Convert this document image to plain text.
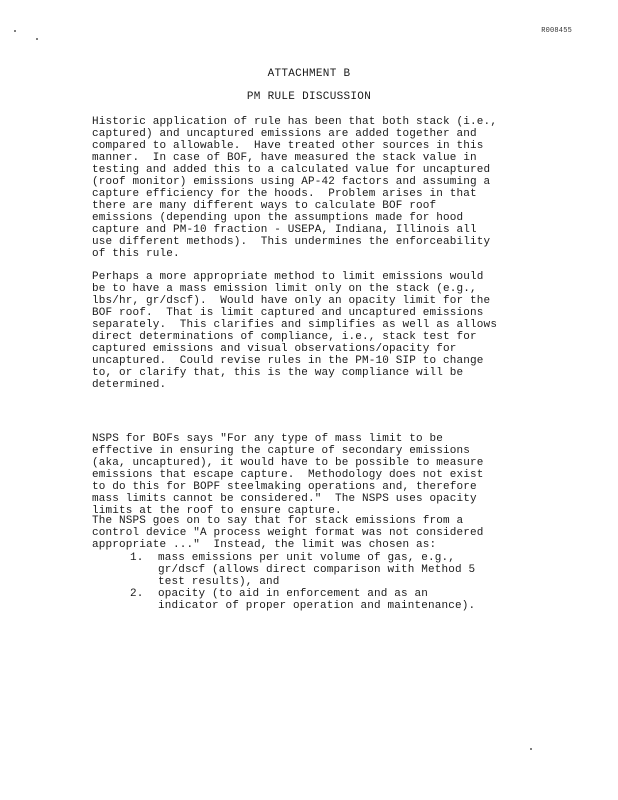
R008455
ATTACHMENT B
PM RULE DISCUSSION
Historic application of rule has been that both stack (i.e.,
captured) and uncaptured emissions are added together and
compared to allowable.  Have treated other sources in this
manner.  In case of BOF, have measured the stack value in
testing and added this to a calculated value for uncaptured
(roof monitor) emissions using AP-42 factors and assuming a
capture efficiency for the hoods.  Problem arises in that
there are many different ways to calculate BOF roof
emissions (depending upon the assumptions made for hood
capture and PM-10 fraction - USEPA, Indiana, Illinois all
use different methods).  This undermines the enforceability
of this rule.
Perhaps a more appropriate method to limit emissions would
be to have a mass emission limit only on the stack (e.g.,
lbs/hr, gr/dscf).  Would have only an opacity limit for the
BOF roof.  That is limit captured and uncaptured emissions
separately.  This clarifies and simplifies as well as allows
direct determinations of compliance, i.e., stack test for
captured emissions and visual observations/opacity for
uncaptured.  Could revise rules in the PM-10 SIP to change
to, or clarify that, this is the way compliance will be
determined.
NSPS for BOFs says "For any type of mass limit to be
effective in ensuring the capture of secondary emissions
(aka, uncaptured), it would have to be possible to measure
emissions that escape capture.  Methodology does not exist
to do this for BOPF steelmaking operations and, therefore
mass limits cannot be considered."  The NSPS uses opacity
limits at the roof to ensure capture.
The NSPS goes on to say that for stack emissions from a
control device "A process weight format was not considered
appropriate ..."  Instead, the limit was chosen as:
1.	mass emissions per unit volume of gas, e.g.,
gr/dscf (allows direct comparison with Method 5
test results), and
2.	opacity (to aid in enforcement and as an
indicator of proper operation and maintenance).
